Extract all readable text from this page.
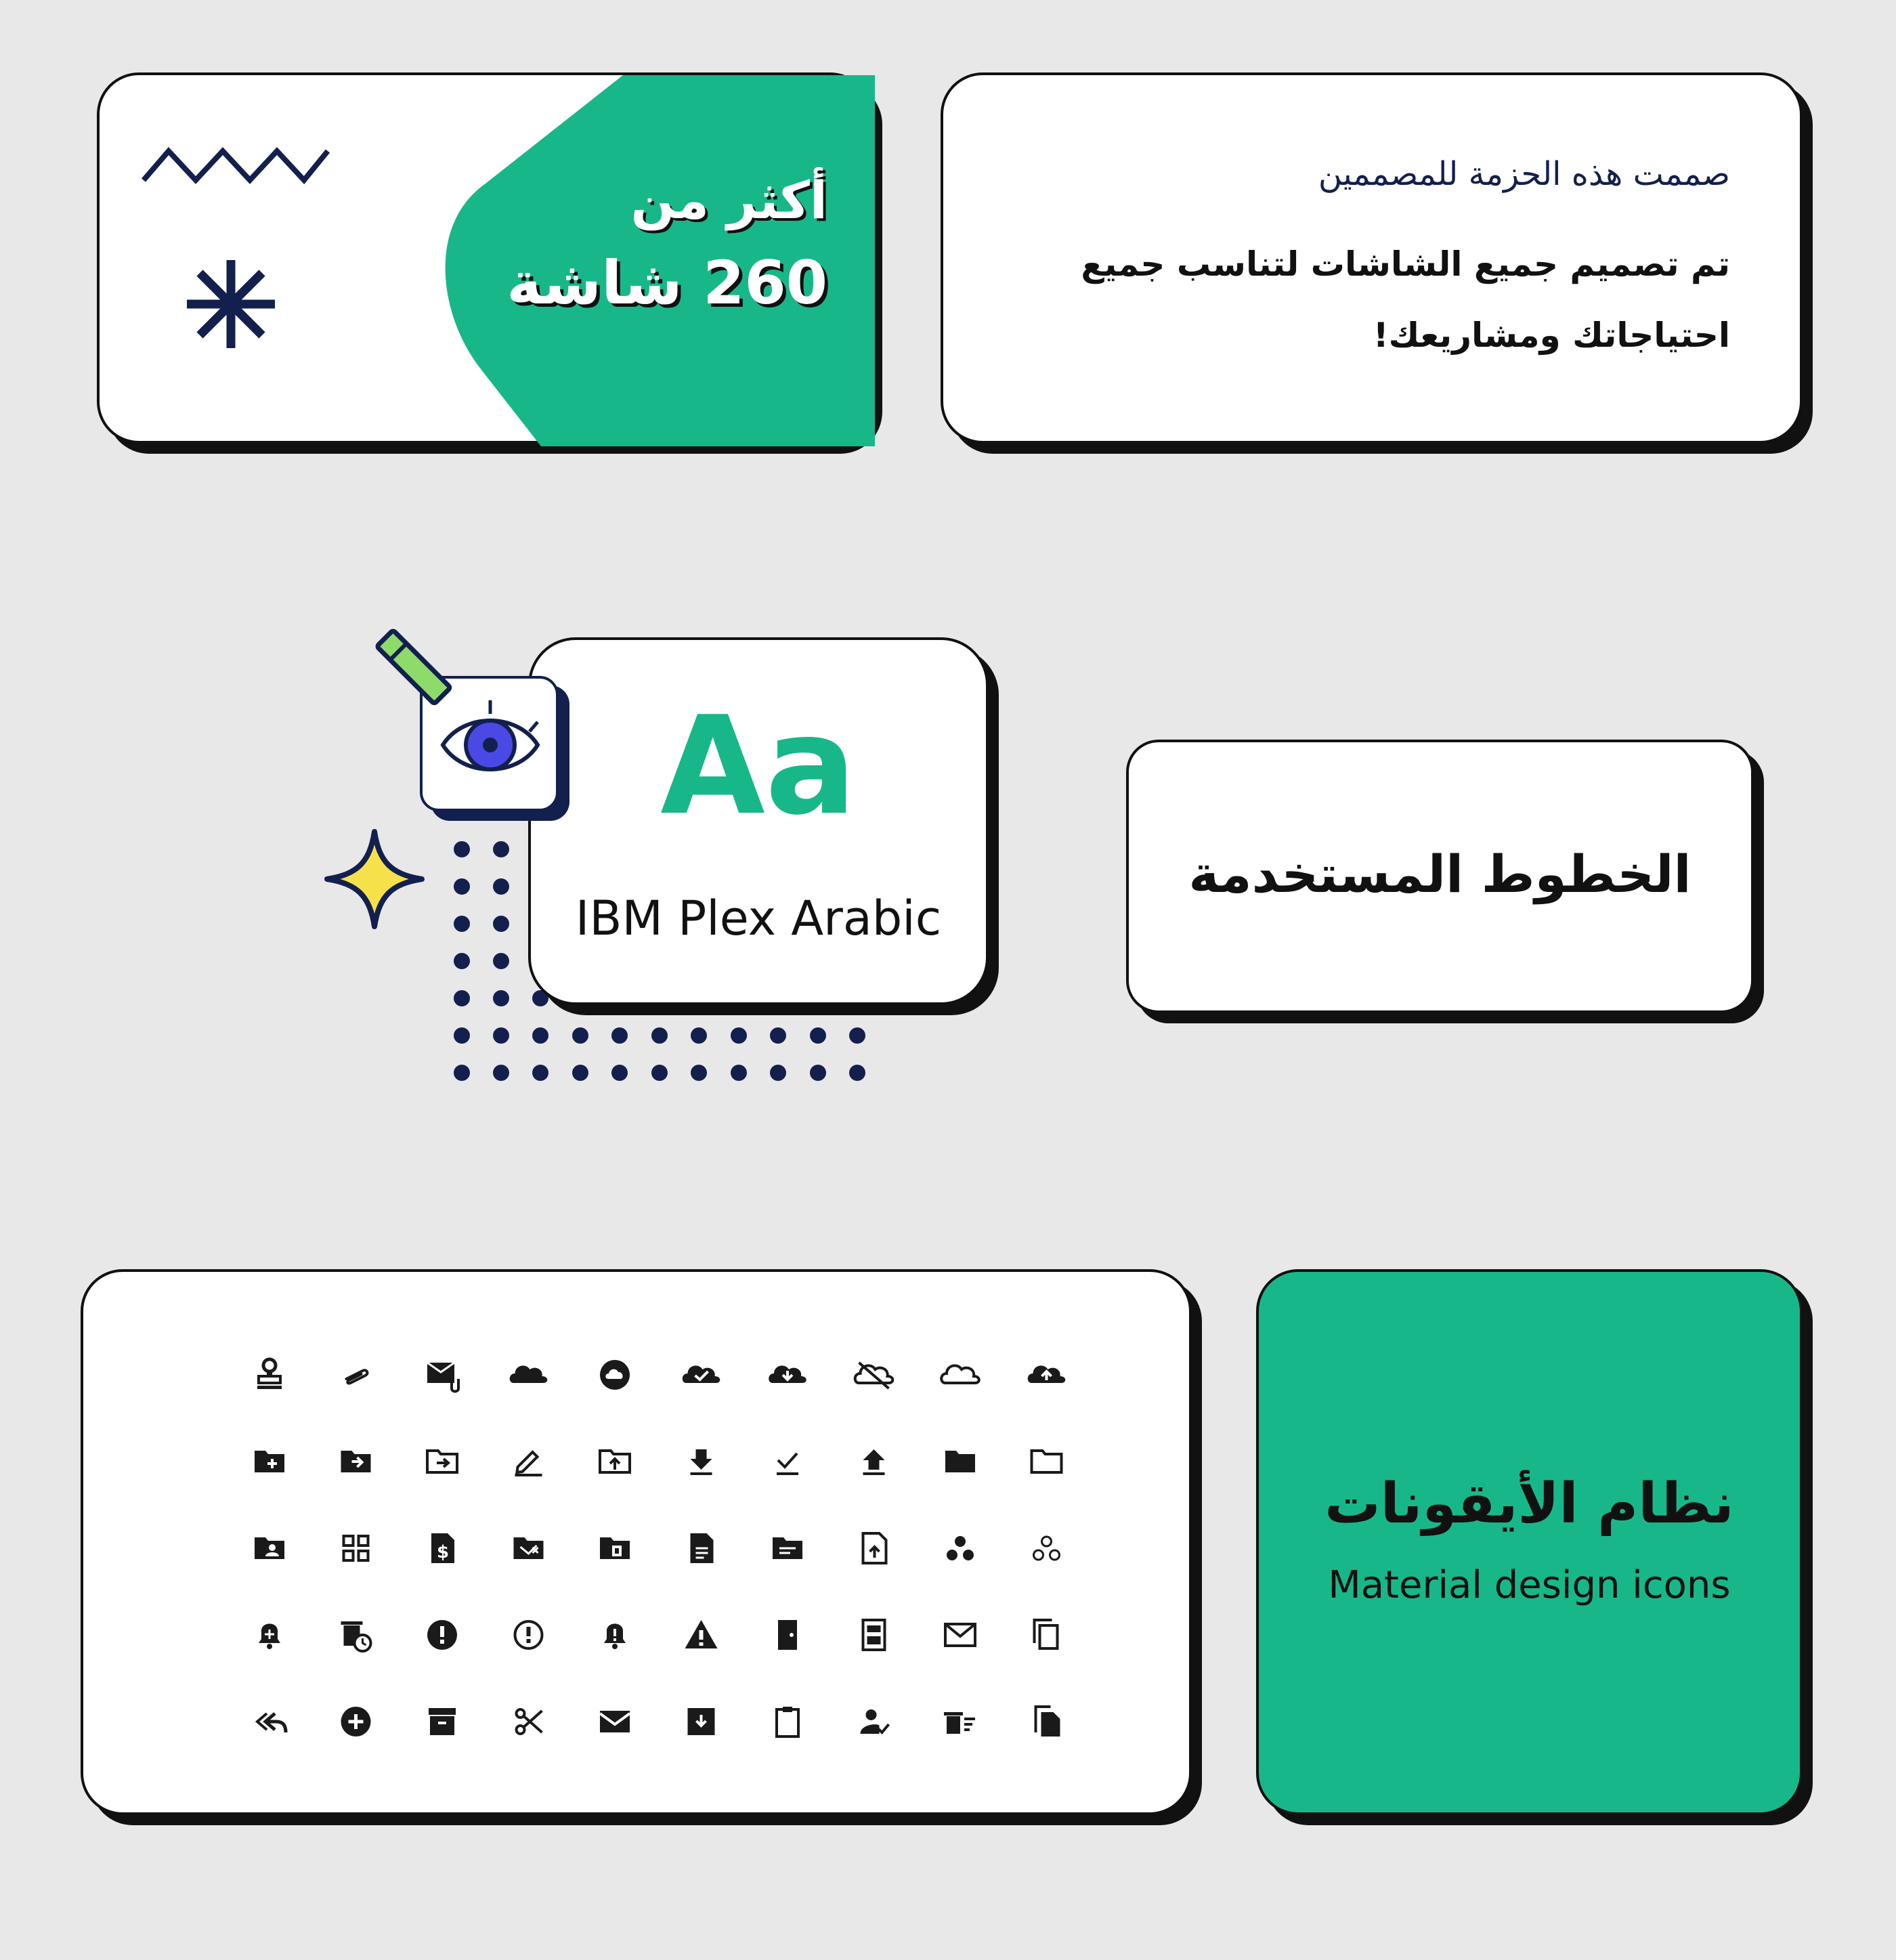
أكثر من
260 شاشة
صممت هذه الحزمة للمصممين
تم تصميم جميع الشاشات لتناسب جميع
احتياجاتك ومشاريعك!
Aa
IBM Plex Arabic
الخطوط المستخدمة
$
نظام الأيقونات
Material design icons
